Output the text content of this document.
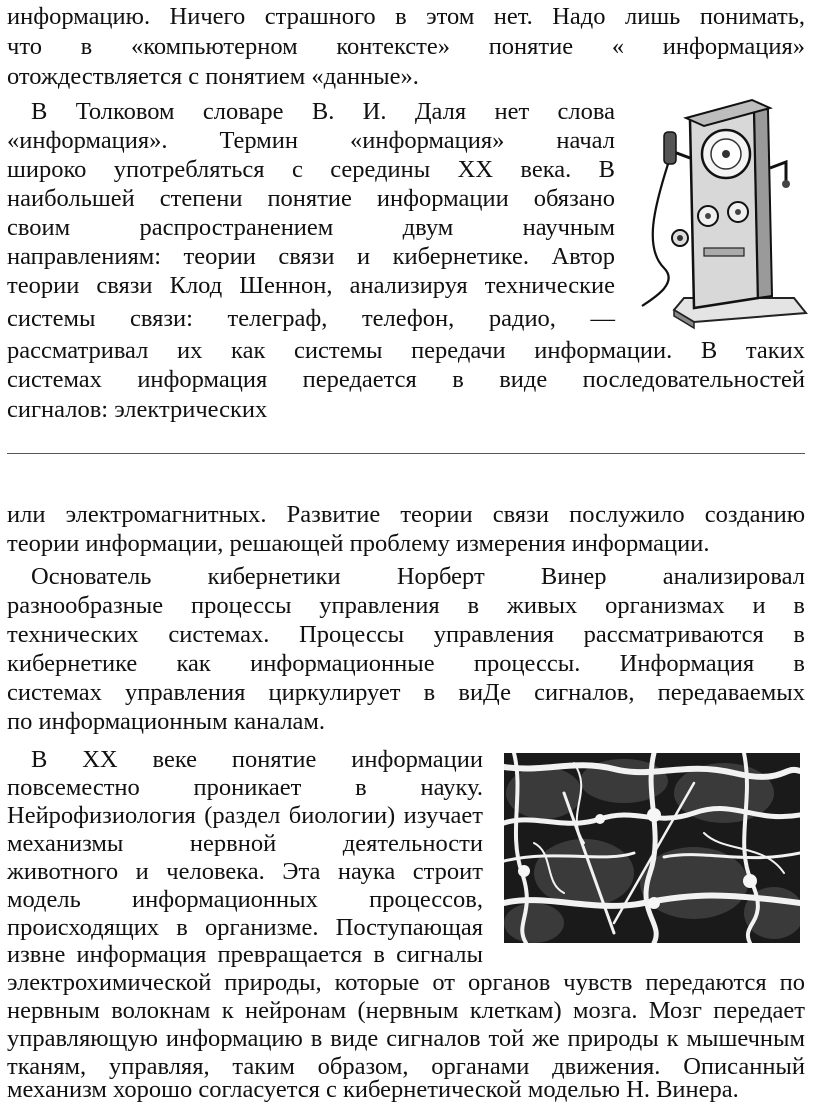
информацию. Ничего страшного в этом нет. Надо лишь понимать,
что в «компьютерном контексте» понятие « информация»
отождествляется с понятием «данные».
В Толковом словаре В. И. Даля нет слова
«информация». Термин «информация» начал
широко употребляться с середины XX века. В
наибольшей степени понятие информации обязано
своим распространением двум научным
направлениям: теории связи и кибернетике. Автор
теории связи Клод Шеннон, анализируя технические
системы связи: телеграф, телефон, радио, —
рассматривал их как системы передачи информации. В таких
системах информация передается в виде последовательностей
сигналов: электрических
или электромагнитных. Развитие теории связи послужило созданию
теории информации, решающей проблему измерения информации.
Основатель кибернетики Норберт Винер анализировал
разнообразные процессы управления в живых организмах и в
технических системах. Процессы управления рассматриваются в
кибернетике как информационные процессы. Информация в
системах управления циркулирует в виДе сигналов, передаваемых
по информационным каналам.
В XX веке понятие информации
повсеместно проникает в науку.
Нейрофизиология (раздел биологии) изучает
механизмы нервной деятельности
животного и человека. Эта наука строит
модель информационных процессов,
происходящих в организме. Поступающая
извне информация превращается в сигналы
электрохимической природы, которые от органов чувств передаются по
нервным волокнам к нейронам (нервным клеткам) мозга. Мозг передает
управляющую информацию в виде сигналов той же природы к мышечным
тканям, управляя, таким образом, органами движения. Описанный
механизм хорошо согласуется с кибернетической моделью Н. Винера.
